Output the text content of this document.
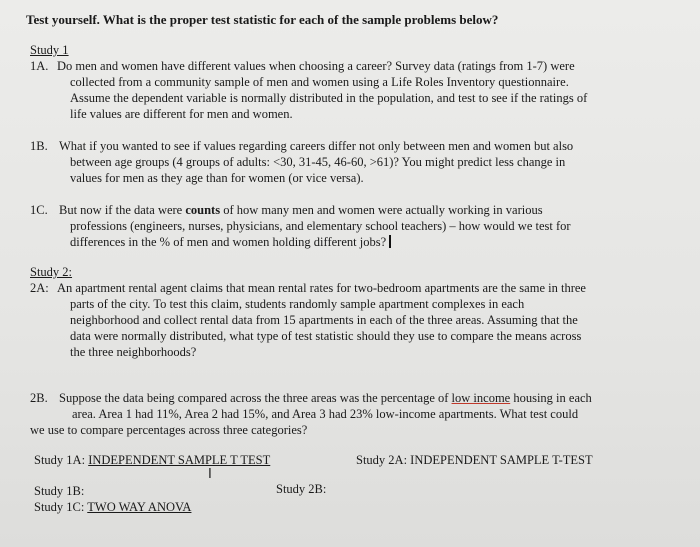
Test yourself. What is the proper test statistic for each of the sample problems below?
Study 1
1A. Do men and women have different values when choosing a career? Survey data (ratings from 1-7) were
collected from a community sample of men and women using a Life Roles Inventory questionnaire.
Assume the dependent variable is normally distributed in the population, and test to see if the ratings of
life values are different for men and women.
1B. What if you wanted to see if values regarding careers differ not only between men and women but also
between age groups (4 groups of adults: <30, 31-45, 46-60, >61)? You might predict less change in
values for men as they age than for women (or vice versa).
1C. But now if the data were counts of how many men and women were actually working in various
professions (engineers, nurses, physicians, and elementary school teachers) – how would we test for
differences in the % of men and women holding different jobs?
Study 2:
2A: An apartment rental agent claims that mean rental rates for two-bedroom apartments are the same in three
parts of the city. To test this claim, students randomly sample apartment complexes in each
neighborhood and collect rental data from 15 apartments in each of the three areas. Assuming that the
data were normally distributed, what type of test statistic should they use to compare the means across
the three neighborhoods?
2B. Suppose the data being compared across the three areas was the percentage of low income housing in each
area. Area 1 had 11%, Area 2 had 15%, and Area 3 had 23% low-income apartments. What test could
we use to compare percentages across three categories?
Study 1A: INDEPENDENT SAMPLE T TEST
I
Study 2A: INDEPENDENT SAMPLE T-TEST
Study 1B:	Study 2B:
Study 1C: TWO WAY ANOVA
